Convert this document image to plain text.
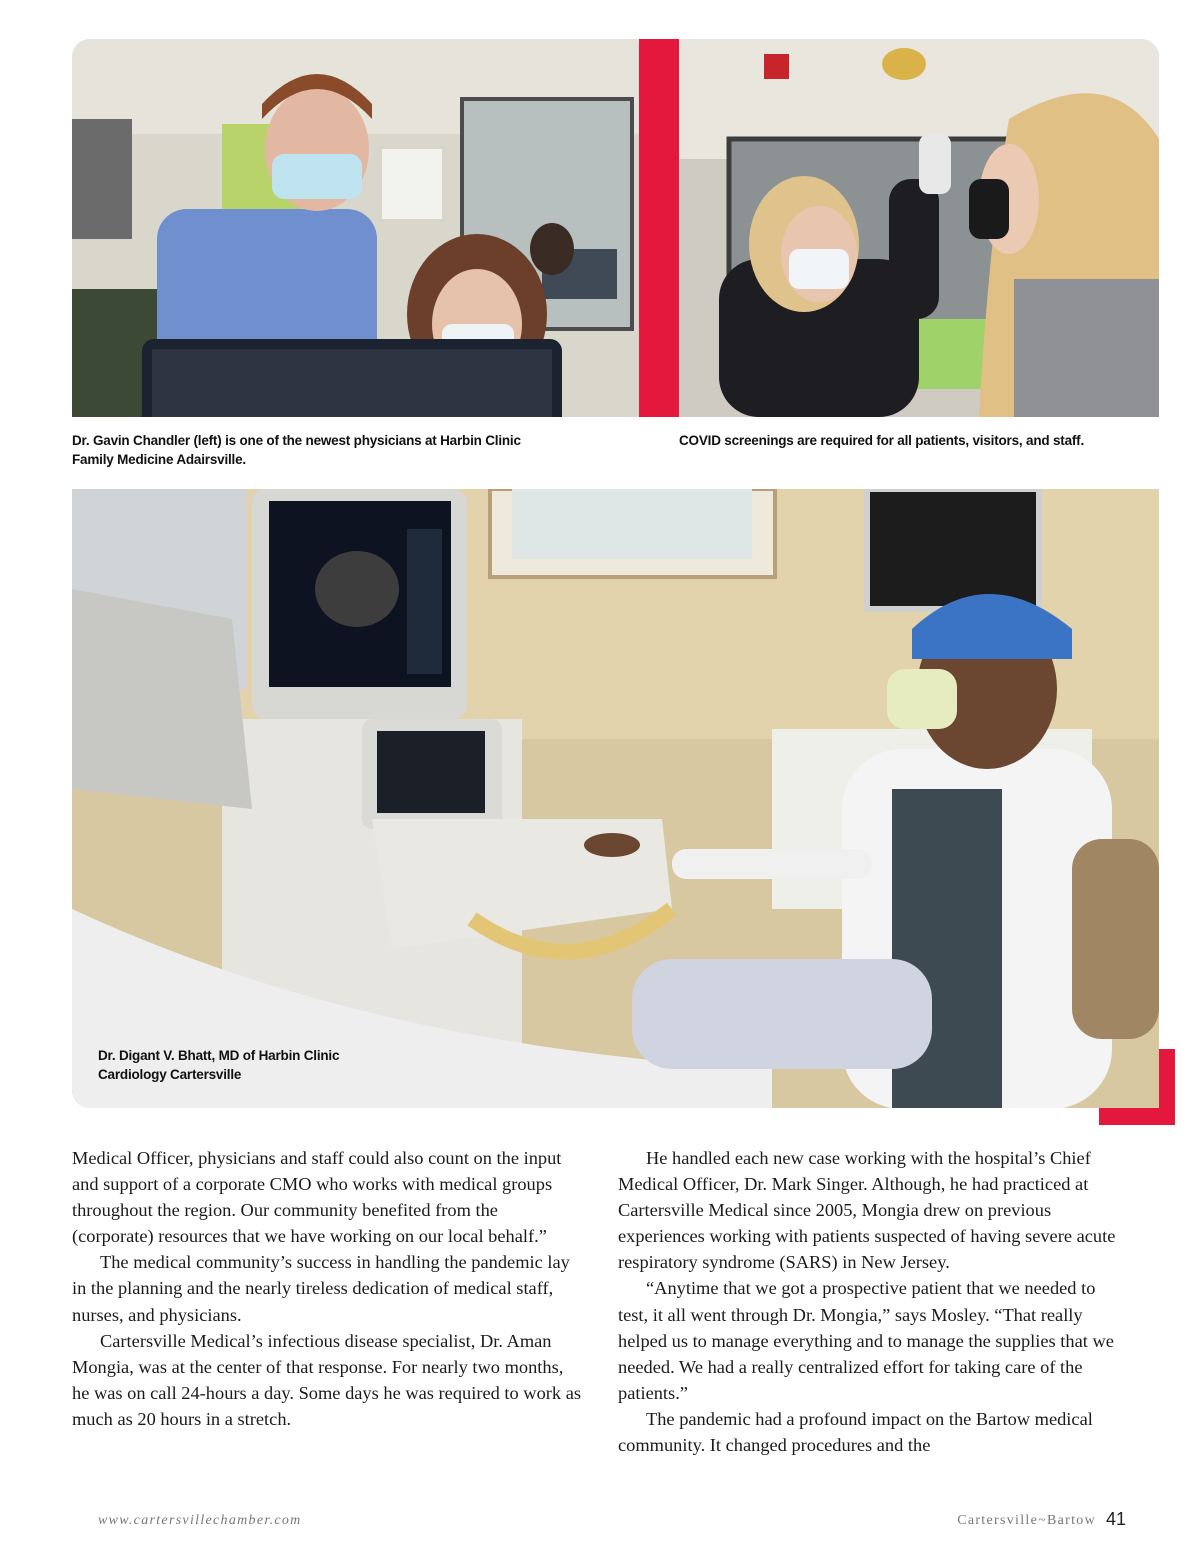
Dr. Gavin Chandler (left) is one of the newest physicians at Harbin Clinic Family Medicine Adairsville.
COVID screenings are required for all patients, visitors, and staff.
Dr. Digant V. Bhatt, MD of Harbin Clinic
Cardiology Cartersville

Medical Officer, physicians and staff could also count on the input and support of a corporate CMO who works with medical groups throughout the region. Our community benefited from the (corporate) resources that we have working on our local behalf.”

The medical community’s success in handling the pandemic lay in the planning and the nearly tireless dedication of medical staff, nurses, and physicians.

Cartersville Medical’s infectious disease specialist, Dr. Aman Mongia, was at the center of that response. For nearly two months, he was on call 24-hours a day. Some days he was required to work as much as 20 hours in a stretch.

He handled each new case working with the hospital’s Chief Medical Officer, Dr. Mark Singer. Although, he had practiced at Cartersville Medical since 2005, Mongia drew on previous experiences working with patients suspected of having severe acute respiratory syndrome (SARS) in New Jersey.

“Anytime that we got a prospective patient that we needed to test, it all went through Dr. Mongia,” says Mosley. “That really helped us to manage everything and to manage the supplies that we needed. We had a really centralized effort for taking care of the patients.”

The pandemic had a profound impact on the Bartow medical community. It changed procedures and the

www.cartersvillechamber.com	Cartersville~Bartow 41
